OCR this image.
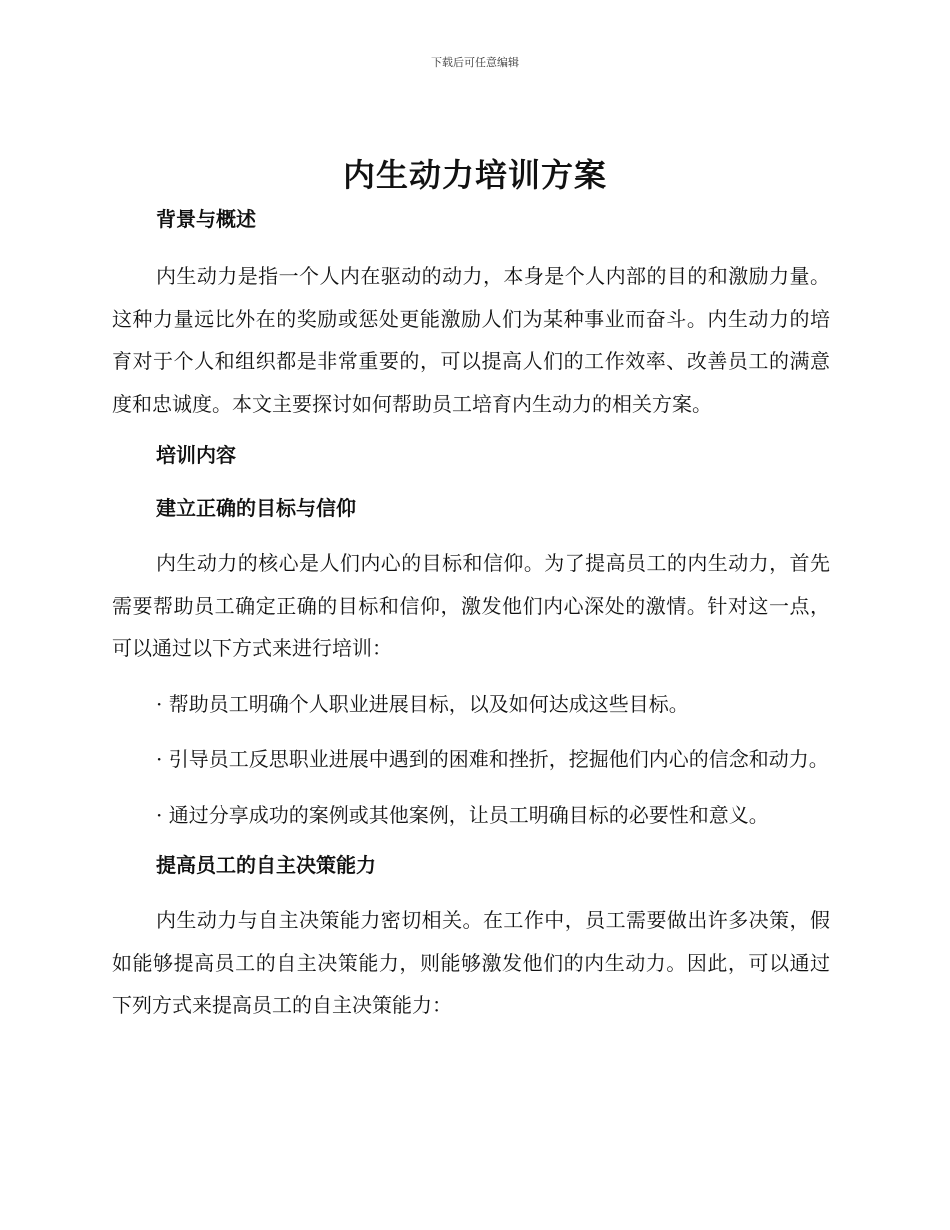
下载后可任意编辑
内生动力培训方案

背景与概述

内生动力是指一个人内在驱动的动力，本身是个人内部的目的和激励力量。这种力量远比外在的奖励或惩处更能激励人们为某种事业而奋斗。内生动力的培育对于个人和组织都是非常重要的，可以提高人们的工作效率、改善员工的满意度和忠诚度。本文主要探讨如何帮助员工培育内生动力的相关方案。

培训内容

建立正确的目标与信仰

内生动力的核心是人们内心的目标和信仰。为了提高员工的内生动力，首先需要帮助员工确定正确的目标和信仰，激发他们内心深处的激情。针对这一点，可以通过以下方式来进行培训：

· 帮助员工明确个人职业进展目标，以及如何达成这些目标。

· 引导员工反思职业进展中遇到的困难和挫折，挖掘他们内心的信念和动力。

· 通过分享成功的案例或其他案例，让员工明确目标的必要性和意义。

提高员工的自主决策能力

内生动力与自主决策能力密切相关。在工作中，员工需要做出许多决策，假如能够提高员工的自主决策能力，则能够激发他们的内生动力。因此，可以通过下列方式来提高员工的自主决策能力：
